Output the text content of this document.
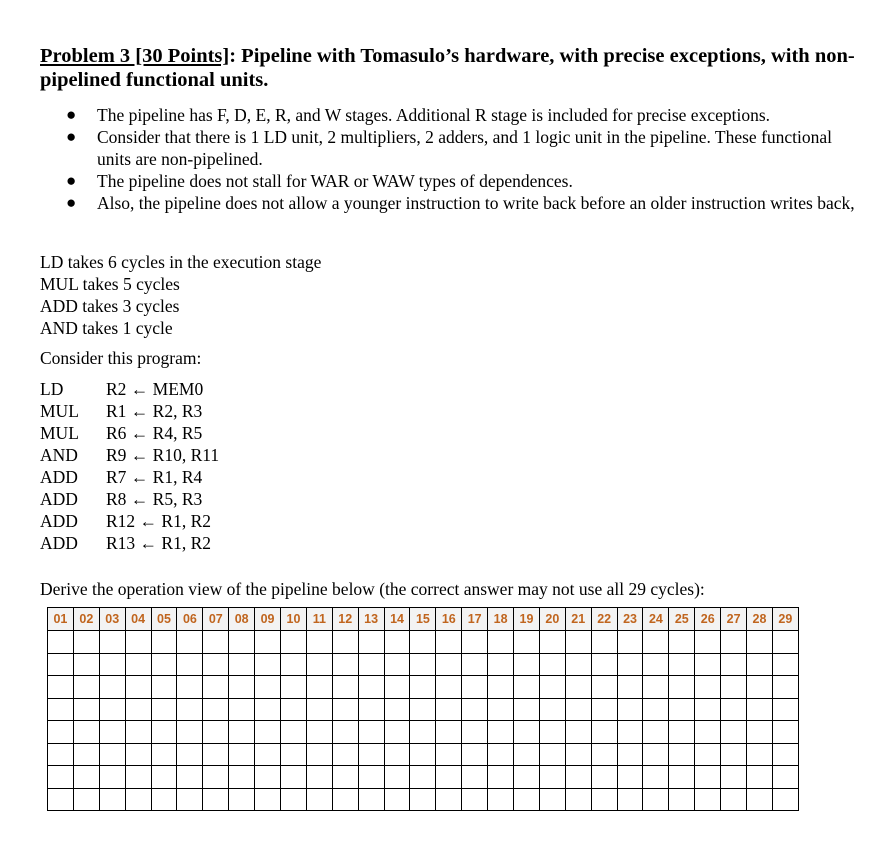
Problem 3 [30 Points]: Pipeline with Tomasulo’s hardware, with precise exceptions, with non-pipelined functional units.
● The pipeline has F, D, E, R, and W stages. Additional R stage is included for precise exceptions.
● Consider that there is 1 LD unit, 2 multipliers, 2 adders, and 1 logic unit in the pipeline. These functional units are non-pipelined.
● The pipeline does not stall for WAR or WAW types of dependences.
● Also, the pipeline does not allow a younger instruction to write back before an older instruction writes back,
LD takes 6 cycles in the execution stage
MUL takes 5 cycles
ADD takes 3 cycles
AND takes 1 cycle
Consider this program:
LD R2 ← MEM0
MUL R1 ← R2, R3
MUL R6 ← R4, R5
AND R9 ← R10, R11
ADD R7 ← R1, R4
ADD R8 ← R5, R3
ADD R12 ← R1, R2
ADD R13 ← R1, R2
Derive the operation view of the pipeline below (the correct answer may not use all 29 cycles):
01	02	03	04	05	06	07	08	09	10	11	12	13	14	15	16	17	18	19	20	21	22	23	24	25	26	27	28	29
